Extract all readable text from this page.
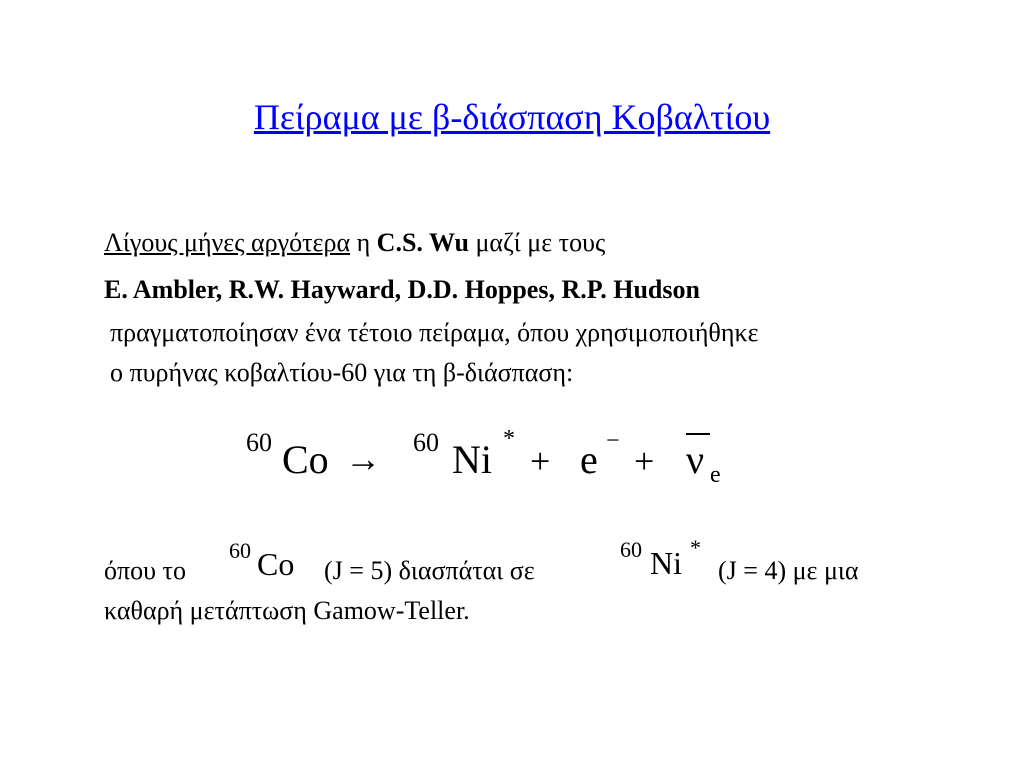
Πείραμα με β-διάσπαση Κοβαλτίου
Λίγους μήνες αργότερα η C.S. Wu μαζί με τους
E. Ambler, R.W. Hayward, D.D. Hoppes, R.P. Hudson
πραγματοποίησαν ένα τέτοιο πείραμα, όπου χρησιμοποιήθηκε
ο πυρήνας κοβαλτίου-60 για τη β-διάσπαση:
60 Co → 60 Ni *
+ e − + ν e
όπου το
60 Co (J = 5) διασπάται σε
60 Ni *
(J = 4) με μια
καθαρή μετάπτωση Gamow-Teller.
